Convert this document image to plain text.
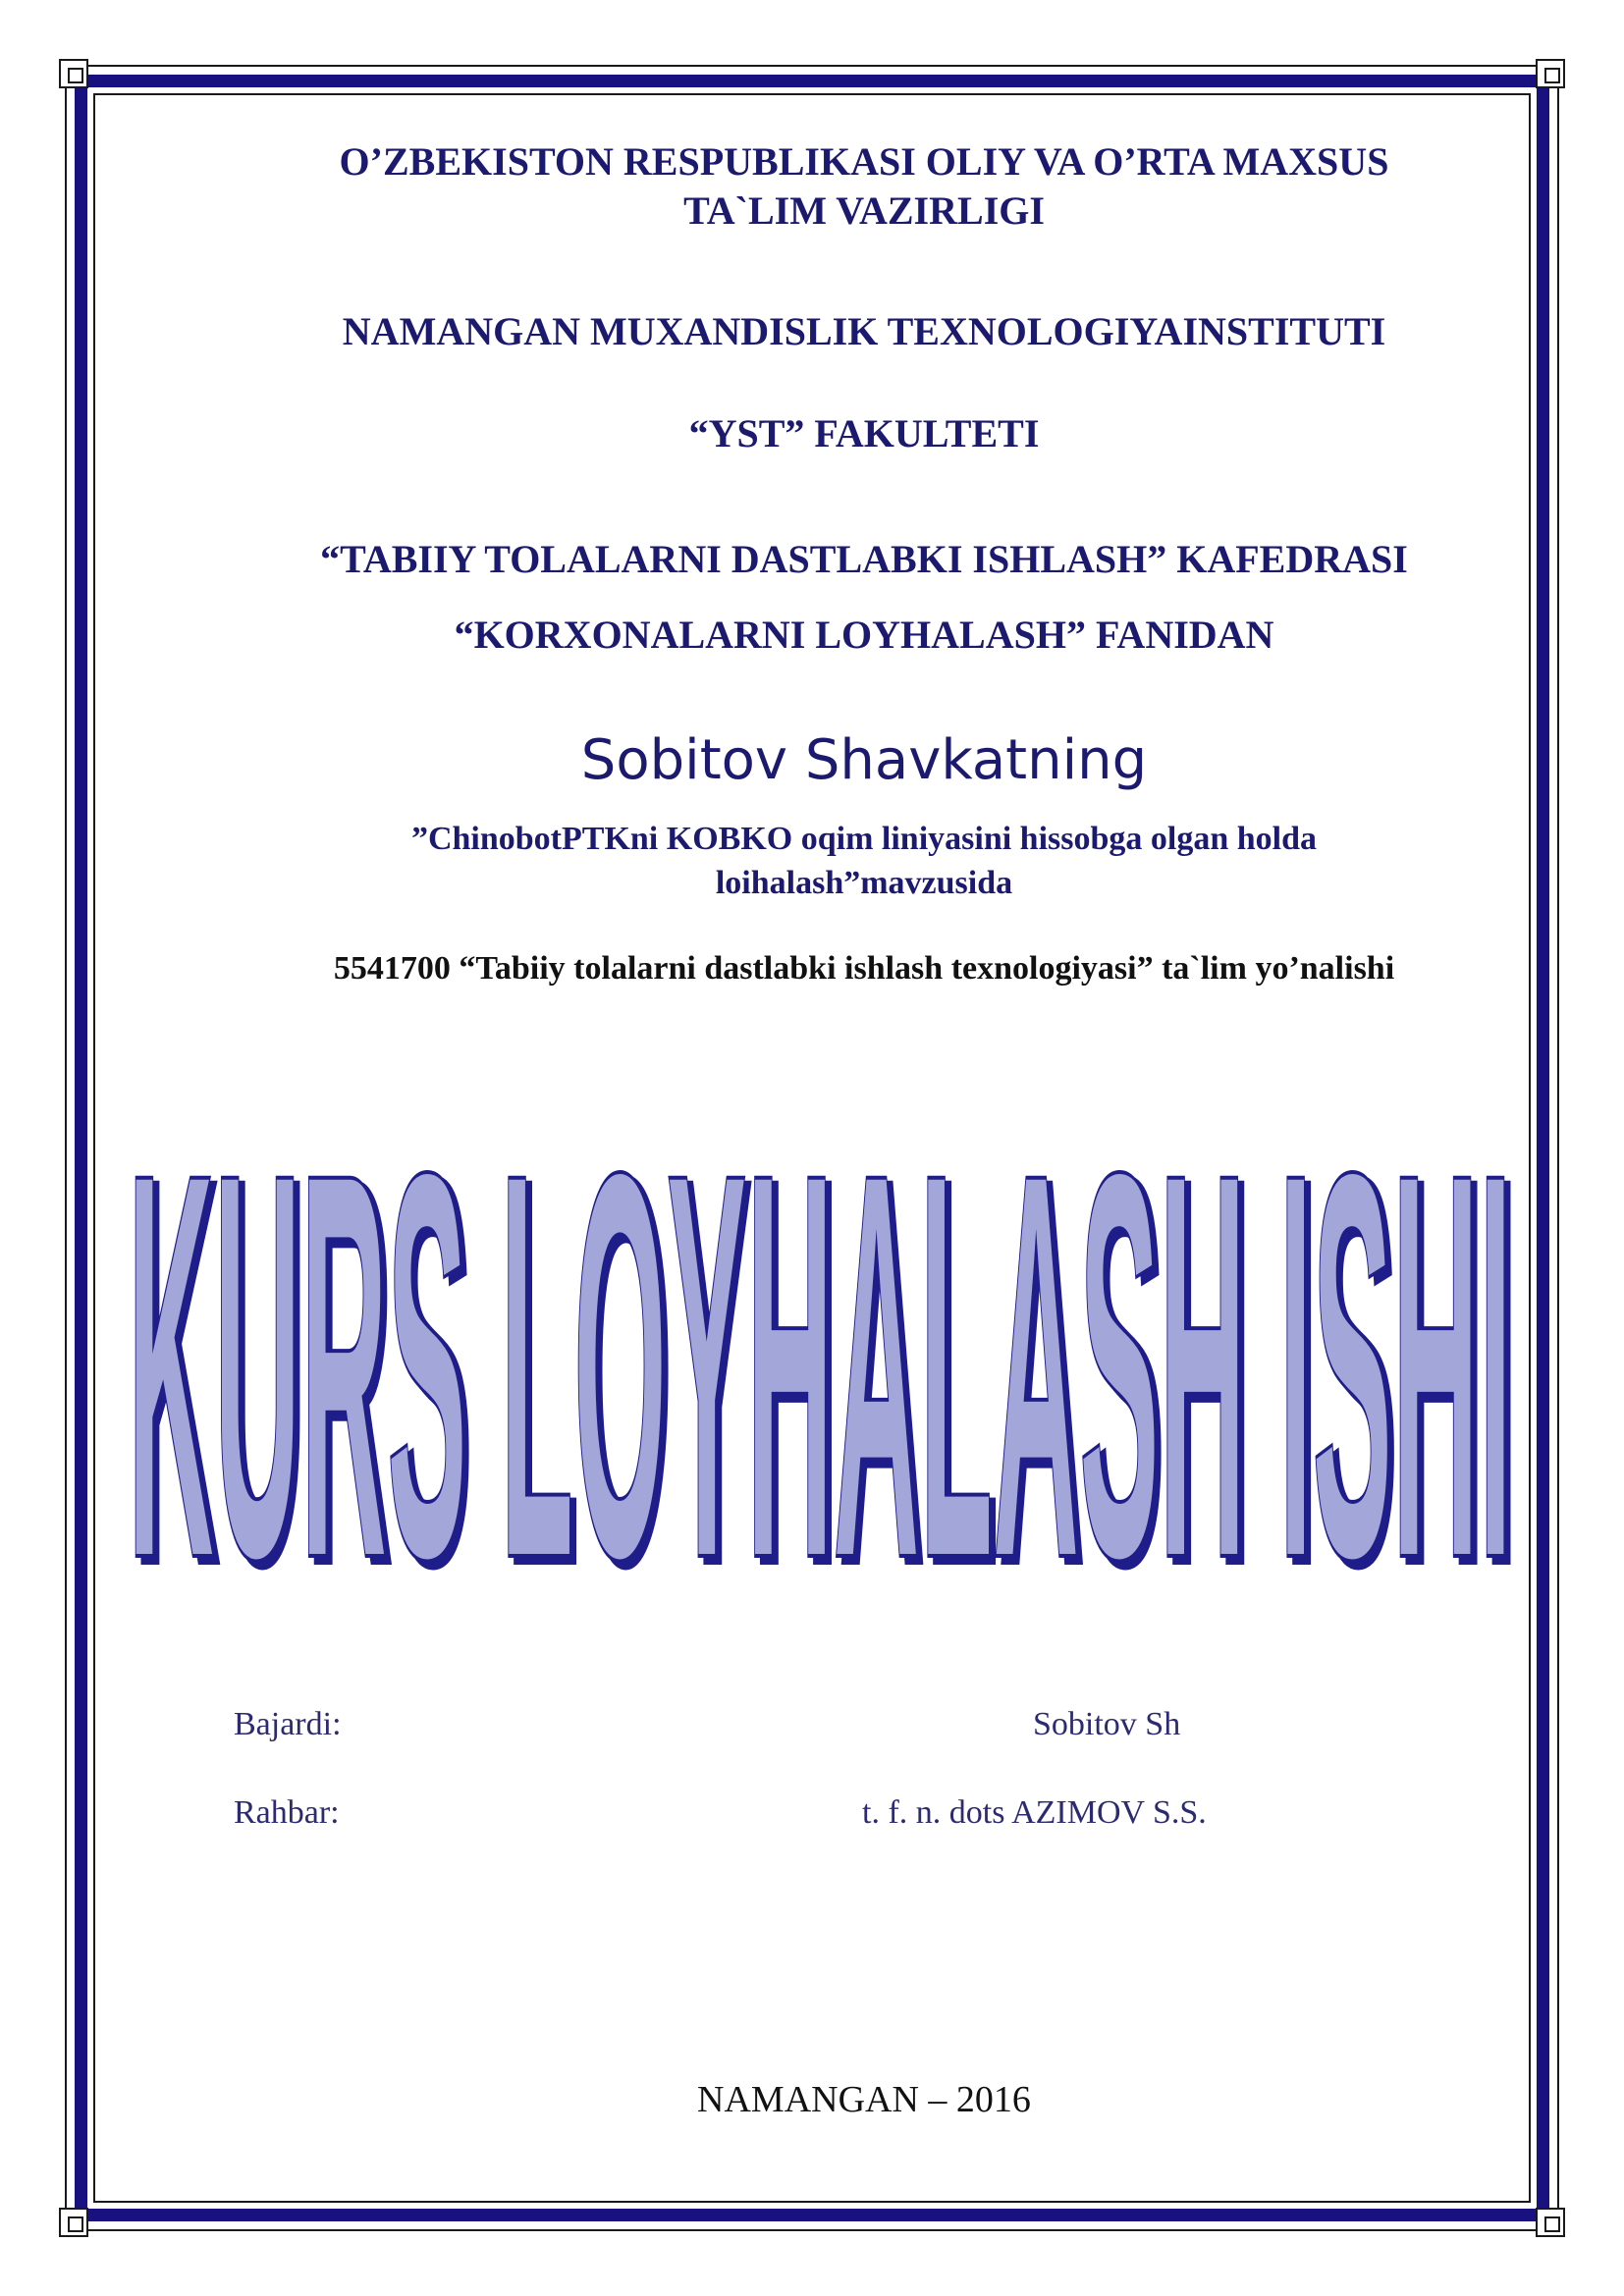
O’ZBEKISTON RESPUBLIKASI OLIY VA O’RTA MAXSUS
TA`LIM VAZIRLIGI
NAMANGAN MUXANDISLIK TEXNOLOGIYAINSTITUTI
“YST” FAKULTETI
“TABIIY TOLALARNI DASTLABKI ISHLASH” KAFEDRASI
“KORXONALARNI LOYHALASH” FANIDAN
Sobitov Shavkatning
”ChinobotPTKni KOBKO oqim liniyasini hissobga olgan holda
loihalash”mavzusida
5541700 “Tabiiy tolalarni dastlabki ishlash texnologiyasi” ta`lim yo’nalishi
KURS LOYHALASH ISHI
KURS LOYHALASH ISHI
Bajardi:	Sobitov Sh
Rahbar:	t. f. n. dots AZIMOV S.S.
NAMANGAN – 2016
